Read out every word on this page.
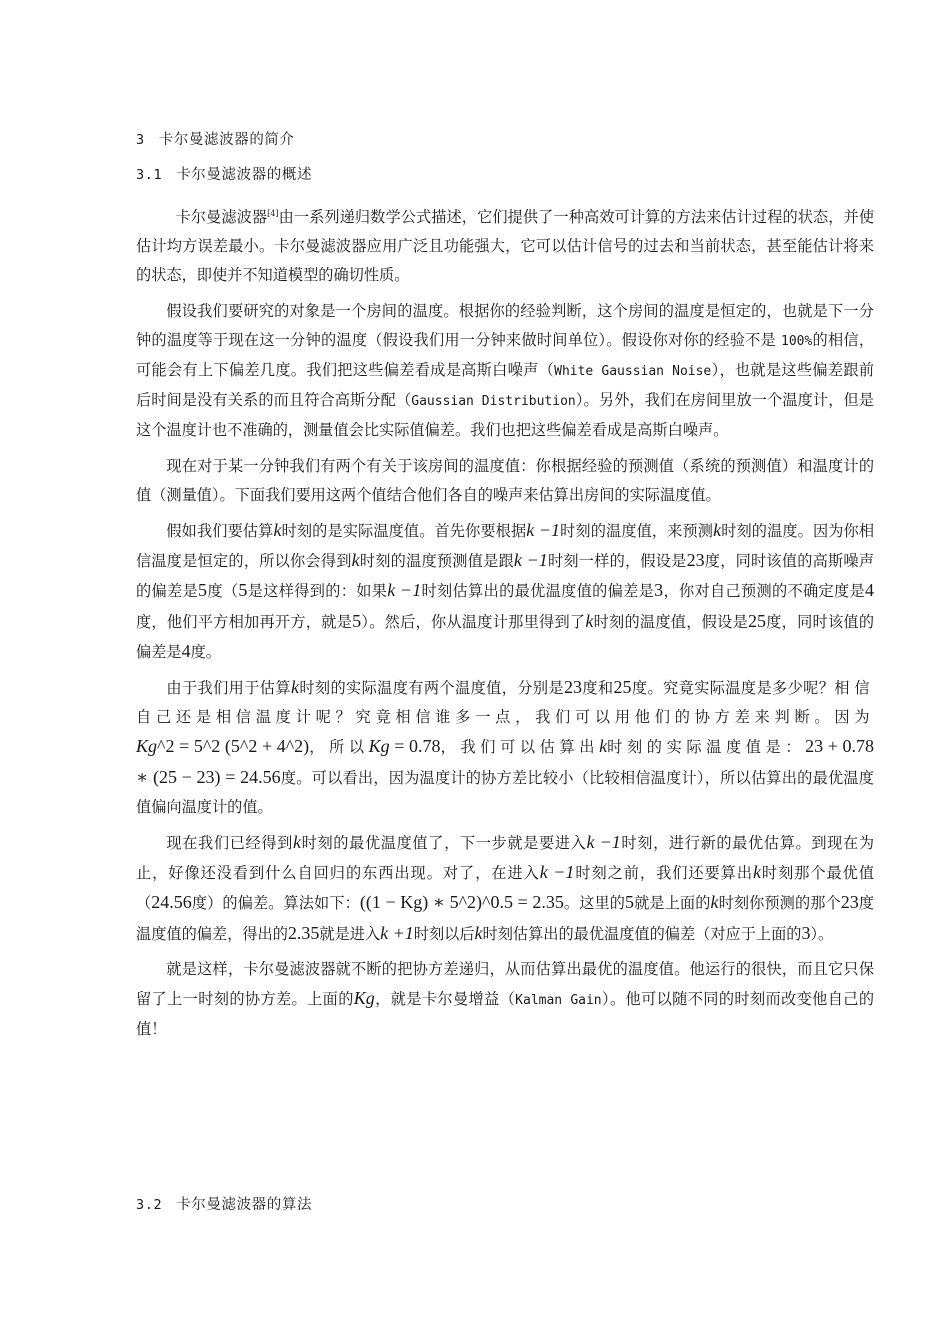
3 卡尔曼滤波器的简介
3.1 卡尔曼滤波器的概述

卡尔曼滤波器[4]由一系列递归数学公式描述，它们提供了一种高效可计算的方法来估计过程的状态，并使估计均方误差最小。卡尔曼滤波器应用广泛且功能强大，它可以估计信号的过去和当前状态，甚至能估计将来的状态，即使并不知道模型的确切性质。

假设我们要研究的对象是一个房间的温度。根据你的经验判断，这个房间的温度是恒定的，也就是下一分钟的温度等于现在这一分钟的温度（假设我们用一分钟来做时间单位）。假设你对你的经验不是 100%的相信，可能会有上下偏差几度。我们把这些偏差看成是高斯白噪声（White Gaussian Noise），也就是这些偏差跟前后时间是没有关系的而且符合高斯分配（Gaussian Distribution）。另外，我们在房间里放一个温度计，但是这个温度计也不准确的，测量值会比实际值偏差。我们也把这些偏差看成是高斯白噪声。

现在对于某一分钟我们有两个有关于该房间的温度值：你根据经验的预测值（系统的预测值）和温度计的值（测量值）。下面我们要用这两个值结合他们各自的噪声来估算出房间的实际温度值。

假如我们要估算k时刻的是实际温度值。首先你要根据k −1时刻的温度值，来预测k时刻的温度。因为你相信温度是恒定的，所以你会得到k时刻的温度预测值是跟k −1时刻一样的，假设是23度，同时该值的高斯噪声的偏差是5度（5是这样得到的：如果k −1时刻估算出的最优温度值的偏差是3，你对自己预测的不确定度是4度，他们平方相加再开方，就是5）。然后，你从温度计那里得到了k时刻的温度值，假设是25度，同时该值的偏差是4度。

由于我们用于估算k时刻的实际温度有两个温度值，分别是23度和25度。究竟实际温度是多少呢？相信自己还是相信温度计呢？究竟相信谁多一点，我们可以用他们的协方差来判断。因为Kg^2 = 5^2 (5^2 + 4^2)，所以Kg = 0.78，我们可以估算出k时刻的实际温度值是：23 + 0.78 ∗ (25 − 23) = 24.56度。可以看出，因为温度计的协方差比较小（比较相信温度计），所以估算出的最优温度值偏向温度计的值。

现在我们已经得到k时刻的最优温度值了，下一步就是要进入k −1时刻，进行新的最优估算。到现在为止，好像还没看到什么自回归的东西出现。对了，在进入k −1时刻之前，我们还要算出k时刻那个最优值（24.56度）的偏差。算法如下：((1 − Kg) ∗ 5^2)^0.5 = 2.35。这里的5就是上面的k时刻你预测的那个23度温度值的偏差，得出的2.35就是进入k +1时刻以后k时刻估算出的最优温度值的偏差（对应于上面的3）。

就是这样，卡尔曼滤波器就不断的把协方差递归，从而估算出最优的温度值。他运行的很快，而且它只保留了上一时刻的协方差。上面的Kg，就是卡尔曼增益（Kalman Gain）。他可以随不同的时刻而改变他自己的值！

3.2 卡尔曼滤波器的算法
